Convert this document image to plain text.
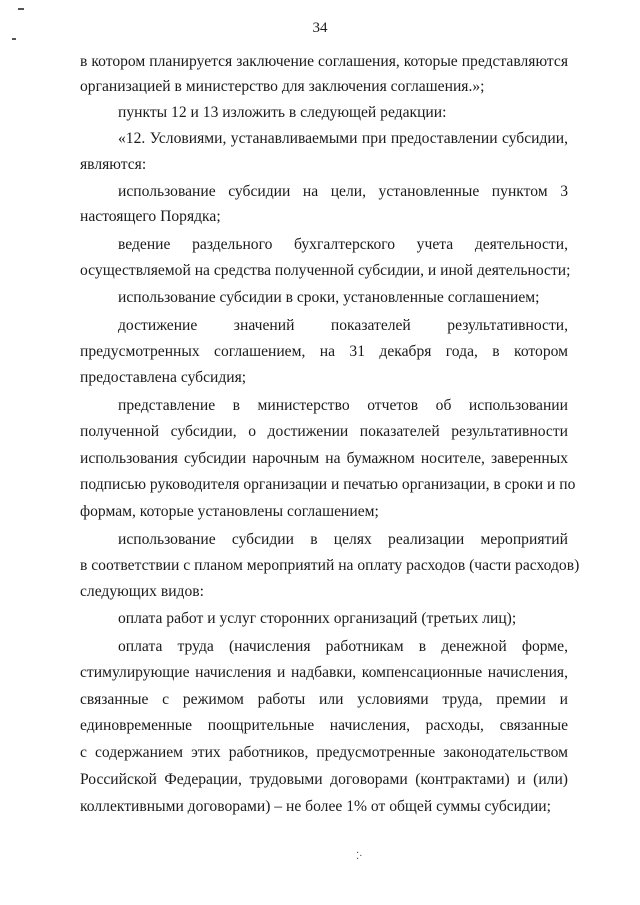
34
в котором планируется заключение соглашения, которые представляются
организацией в министерство для заключения соглашения.»;
пункты 12 и 13 изложить в следующей редакции:
«12. Условиями, устанавливаемыми при предоставлении субсидии,
являются:
использование субсидии на цели, установленные пунктом 3
настоящего Порядка;
ведение раздельного бухгалтерского учета деятельности,
осуществляемой на средства полученной субсидии, и иной деятельности;
использование субсидии в сроки, установленные соглашением;
достижение значений показателей результативности,
предусмотренных соглашением, на 31 декабря года, в котором
предоставлена субсидия;
представление в министерство отчетов об использовании
полученной субсидии, о достижении показателей результативности
использования субсидии нарочным на бумажном носителе, заверенных
подписью руководителя организации и печатью организации, в сроки и по
формам, которые установлены соглашением;
использование субсидии в целях реализации мероприятий
в соответствии с планом мероприятий на оплату расходов (части расходов)
следующих видов:
оплата работ и услуг сторонних организаций (третьих лиц);
оплата труда (начисления работникам в денежной форме,
стимулирующие начисления и надбавки, компенсационные начисления,
связанные с режимом работы или условиями труда, премии и
единовременные поощрительные начисления, расходы, связанные
с содержанием этих работников, предусмотренные законодательством
Российской Федерации, трудовыми договорами (контрактами) и (или)
коллективными договорами) – не более 1% от общей суммы субсидии;
⁚·
